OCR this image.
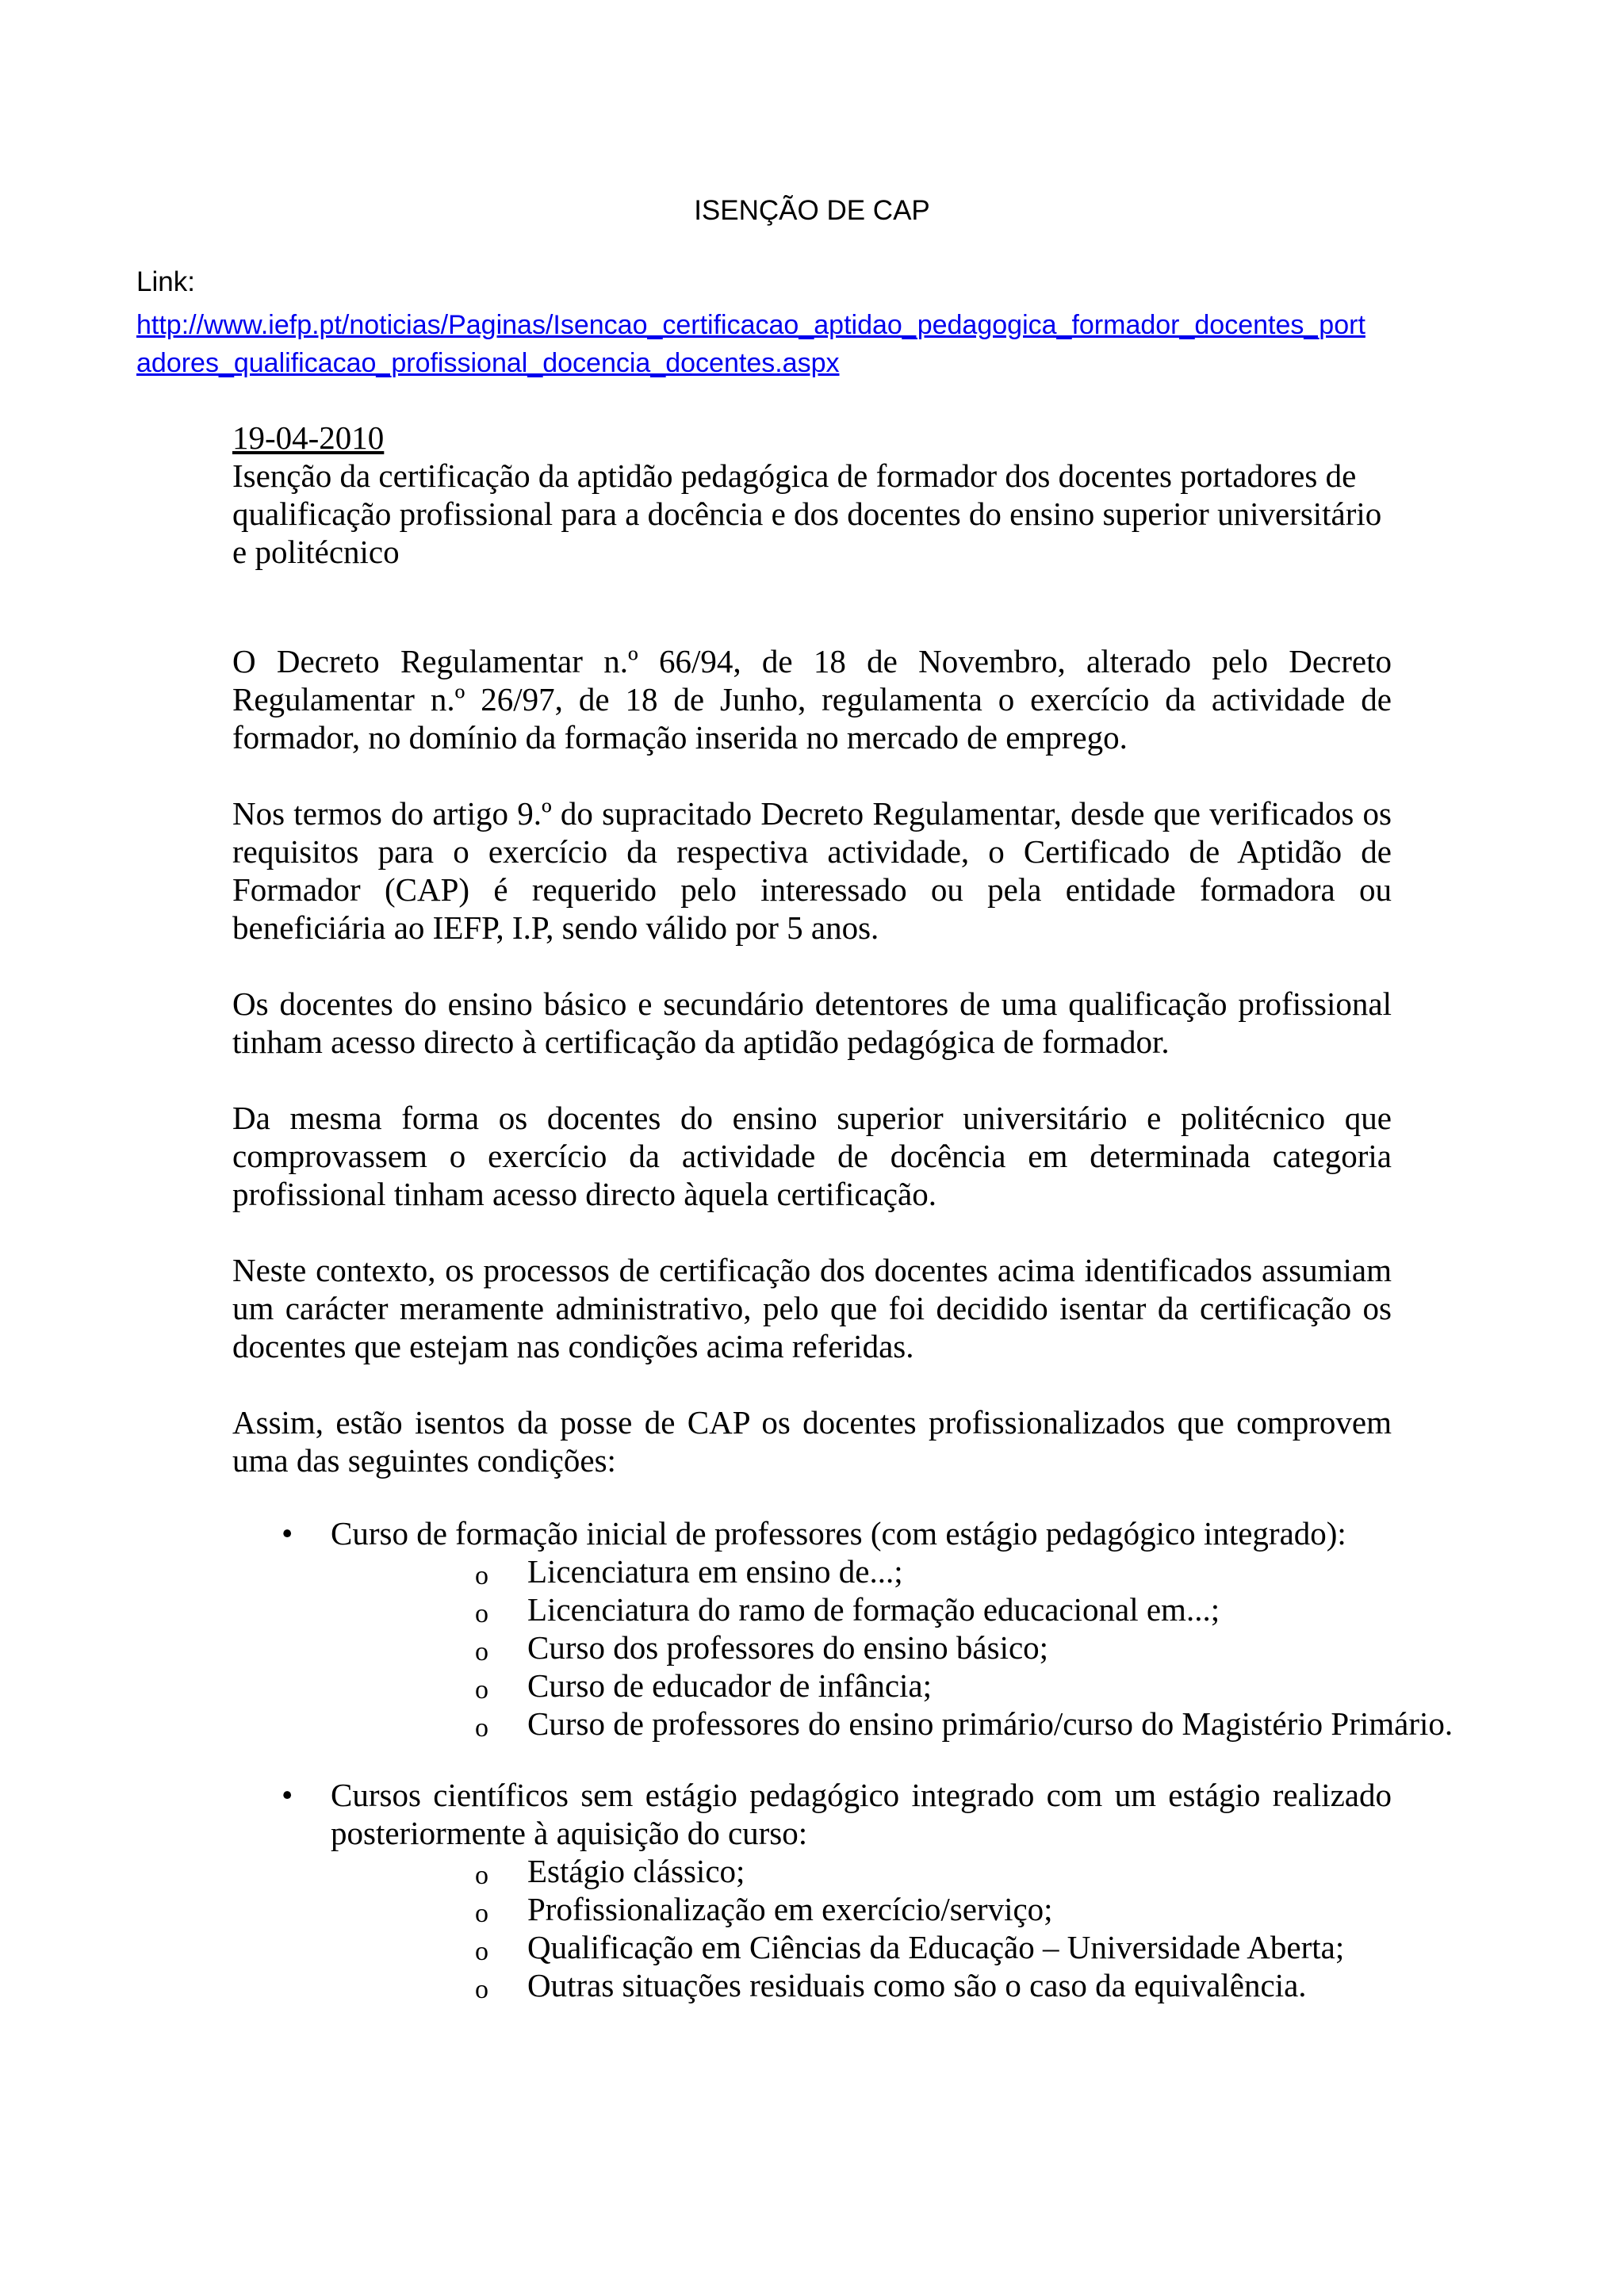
ISENÇÃO DE CAP
Link:
http://www.iefp.pt/noticias/Paginas/Isencao_certificacao_aptidao_pedagogica_formador_docentes_port
adores_qualificacao_profissional_docencia_docentes.aspx
19-04-2010

Isenção da certificação da aptidão pedagógica de formador dos docentes portadores de qualificação profissional para a docência e dos docentes do ensino superior universitário e politécnico

O Decreto Regulamentar n.º 66/94, de 18 de Novembro, alterado pelo Decreto Regulamentar n.º 26/97, de 18 de Junho, regulamenta o exercício da actividade de formador, no domínio da formação inserida no mercado de emprego.

Nos termos do artigo 9.º do supracitado Decreto Regulamentar, desde que verificados os requisitos para o exercício da respectiva actividade, o Certificado de Aptidão de Formador (CAP) é requerido pelo interessado ou pela entidade formadora ou beneficiária ao IEFP, I.P, sendo válido por 5 anos.

Os docentes do ensino básico e secundário detentores de uma qualificação profissional tinham acesso directo à certificação da aptidão pedagógica de formador.

Da mesma forma os docentes do ensino superior universitário e politécnico que comprovassem o exercício da actividade de docência em determinada categoria profissional tinham acesso directo àquela certificação.

Neste contexto, os processos de certificação dos docentes acima identificados assumiam um carácter meramente administrativo, pelo que foi decidido isentar da certificação os docentes que estejam nas condições acima referidas.

Assim, estão isentos da posse de CAP os docentes profissionalizados que comprovem uma das seguintes condições:

• Curso de formação inicial de professores (com estágio pedagógico integrado):
o Licenciatura em ensino de...;
o Licenciatura do ramo de formação educacional em...;
o Curso dos professores do ensino básico;
o Curso de educador de infância;
o Curso de professores do ensino primário/curso do Magistério Primário.
• Cursos científicos sem estágio pedagógico integrado com um estágio realizado posteriormente à aquisição do curso:
o Estágio clássico;
o Profissionalização em exercício/serviço;
o Qualificação em Ciências da Educação – Universidade Aberta;
o Outras situações residuais como são o caso da equivalência.
